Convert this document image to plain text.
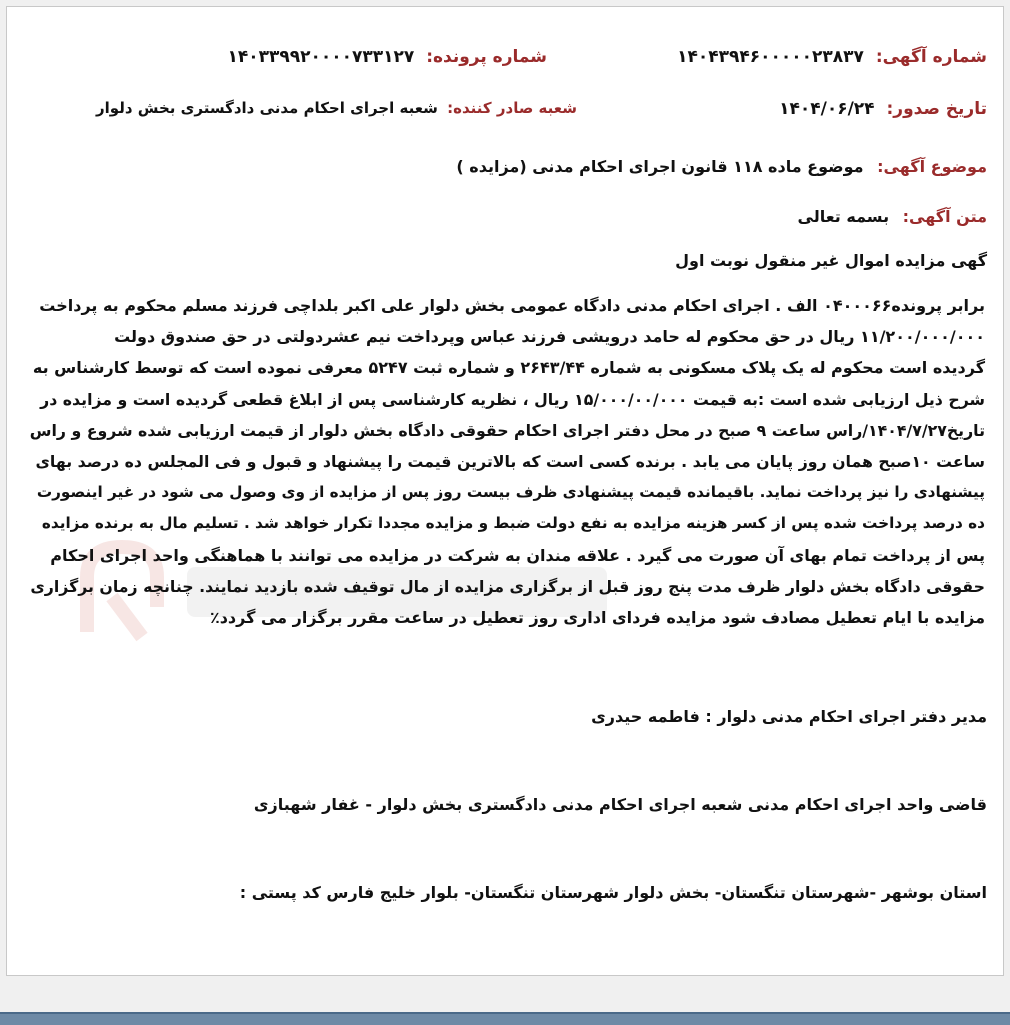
شماره آگهی: ۱۴۰۴۳۹۴۶۰۰۰۰۰۲۳۸۳۷
شماره پرونده: ۱۴۰۳۳۹۹۲۰۰۰۰۷۳۳۱۲۷
تاریخ صدور: ۱۴۰۴/۰۶/۲۴
شعبه صادر کننده: شعبه اجرای احکام مدنی دادگستری بخش دلوار
موضوع آگهی: موضوع ماده ۱۱۸ قانون اجرای احکام مدنی (مزایده )
متن آگهی: بسمه تعالی
گهی مزایده اموال غیر منقول نوبت اول
برابر پرونده۰۴۰۰۰۶۶ الف . اجرای احکام مدنی دادگاه عمومی بخش دلوار علی اکبر بلداچی فرزند مسلم محکوم به پرداخت
۱۱/۲۰۰/۰۰۰/۰۰۰ ریال در حق محکوم له حامد درویشی فرزند عباس وپرداخت نیم عشردولتی در حق صندوق دولت
گردیده است محکوم له یک پلاک مسکونی به شماره ۲۶۴۳/۴۴ و شماره ثبت ۵۲۴۷ معرفی نموده است که توسط کارشناس به
شرح ذیل ارزیابی شده است :به قیمت ۱۵/۰۰۰/۰۰/۰۰۰ ریال ، نظریه کارشناسی پس از ابلاغ قطعی گردیده است و مزایده در
تاریخ۱۴۰۴/۷/۲۷/راس ساعت ۹ صبح در محل دفتر اجرای احکام حقوقی دادگاه بخش دلوار از قیمت ارزیابی شده شروع و راس
ساعت ۱۰صبح همان روز پایان می یابد . برنده کسی است که بالاترین قیمت را پیشنهاد و قبول و فی المجلس ده درصد بهای
پیشنهادی را نیز پرداخت نماید. باقیمانده قیمت پیشنهادی ظرف بیست روز پس از مزایده از وی وصول می شود در غیر اینصورت
ده درصد پرداخت شده پس از کسر هزینه مزایده به نفع دولت ضبط و مزایده مجددا تکرار خواهد شد . تسلیم مال به برنده مزایده
پس از پرداخت تمام بهای آن صورت می گیرد . علاقه مندان به شرکت در مزایده می توانند با هماهنگی واحد اجرای احکام
حقوقی دادگاه بخش دلوار ظرف مدت پنج روز قبل از برگزاری مزایده از مال توقیف شده بازدید نمایند. چنانچه زمان برگزاری
مزایده با ایام تعطیل مصادف شود مزایده فردای اداری روز تعطیل در ساعت مقرر برگزار می گردد٪
مدیر دفتر اجرای احکام مدنی دلوار : فاطمه حیدری
قاضی واحد اجرای احکام مدنی شعبه اجرای احکام مدنی دادگستری بخش دلوار - غفار شهبازی
استان بوشهر -شهرستان تنگستان- بخش دلوار شهرستان تنگستان- بلوار خلیج فارس کد پستی :
